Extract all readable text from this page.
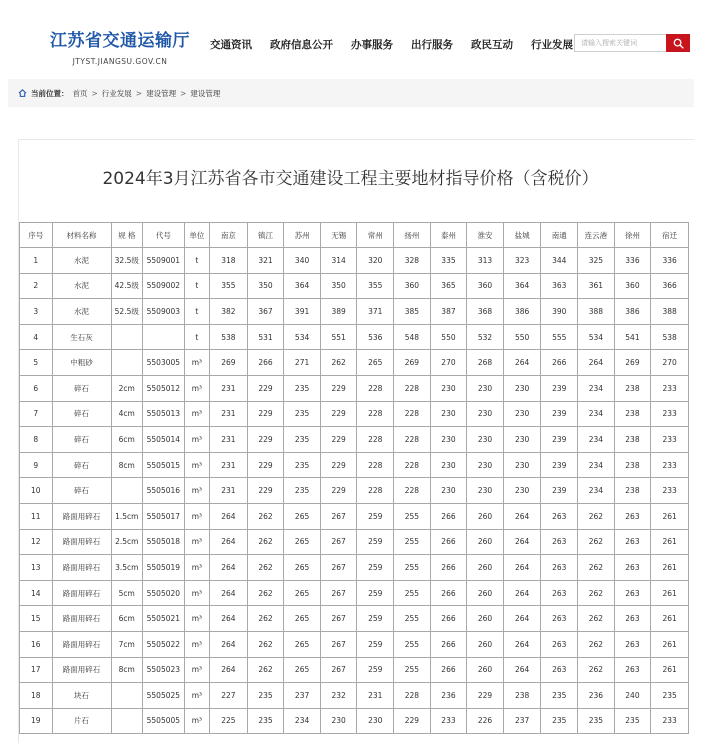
江苏省交通运输厅
JTYST.JIANGSU.GOV.CN
交通资讯 政府信息公开 办事服务 出行服务 政民互动 行业发展	请输入搜索关键词
当前位置： 首页 > 行业发展 > 建设管理 > 建设管理
2024年3月江苏省各市交通建设工程主要地材指导价格（含税价）
序号	材料名称	规 格	代号	单位	南京	镇江	苏州	无锡	常州	扬州	泰州	淮安	盐城	南通	连云港	徐州	宿迁
1	水泥	32.5级	5509001	t	318	321	340	314	320	328	335	313	323	344	325	336	336
2	水泥	42.5级	5509002	t	355	350	364	350	355	360	365	360	364	363	361	360	366
3	水泥	52.5级	5509003	t	382	367	391	389	371	385	387	368	386	390	388	386	388
4	生石灰			t	538	531	534	551	536	548	550	532	550	555	534	541	538
5	中粗砂		5503005	m³	269	266	271	262	265	269	270	268	264	266	264	269	270
6	碎石	2cm	5505012	m³	231	229	235	229	228	228	230	230	230	239	234	238	233
7	碎石	4cm	5505013	m³	231	229	235	229	228	228	230	230	230	239	234	238	233
8	碎石	6cm	5505014	m³	231	229	235	229	228	228	230	230	230	239	234	238	233
9	碎石	8cm	5505015	m³	231	229	235	229	228	228	230	230	230	239	234	238	233
10	碎石		5505016	m³	231	229	235	229	228	228	230	230	230	239	234	238	233
11	路面用碎石	1.5cm	5505017	m³	264	262	265	267	259	255	266	260	264	263	262	263	261
12	路面用碎石	2.5cm	5505018	m³	264	262	265	267	259	255	266	260	264	263	262	263	261
13	路面用碎石	3.5cm	5505019	m³	264	262	265	267	259	255	266	260	264	263	262	263	261
14	路面用碎石	5cm	5505020	m³	264	262	265	267	259	255	266	260	264	263	262	263	261
15	路面用碎石	6cm	5505021	m³	264	262	265	267	259	255	266	260	264	263	262	263	261
16	路面用碎石	7cm	5505022	m³	264	262	265	267	259	255	266	260	264	263	262	263	261
17	路面用碎石	8cm	5505023	m³	264	262	265	267	259	255	266	260	264	263	262	263	261
18	块石		5505025	m³	227	235	237	232	231	228	236	229	238	235	236	240	235
19	片石		5505005	m³	225	235	234	230	230	229	233	226	237	235	235	235	233
